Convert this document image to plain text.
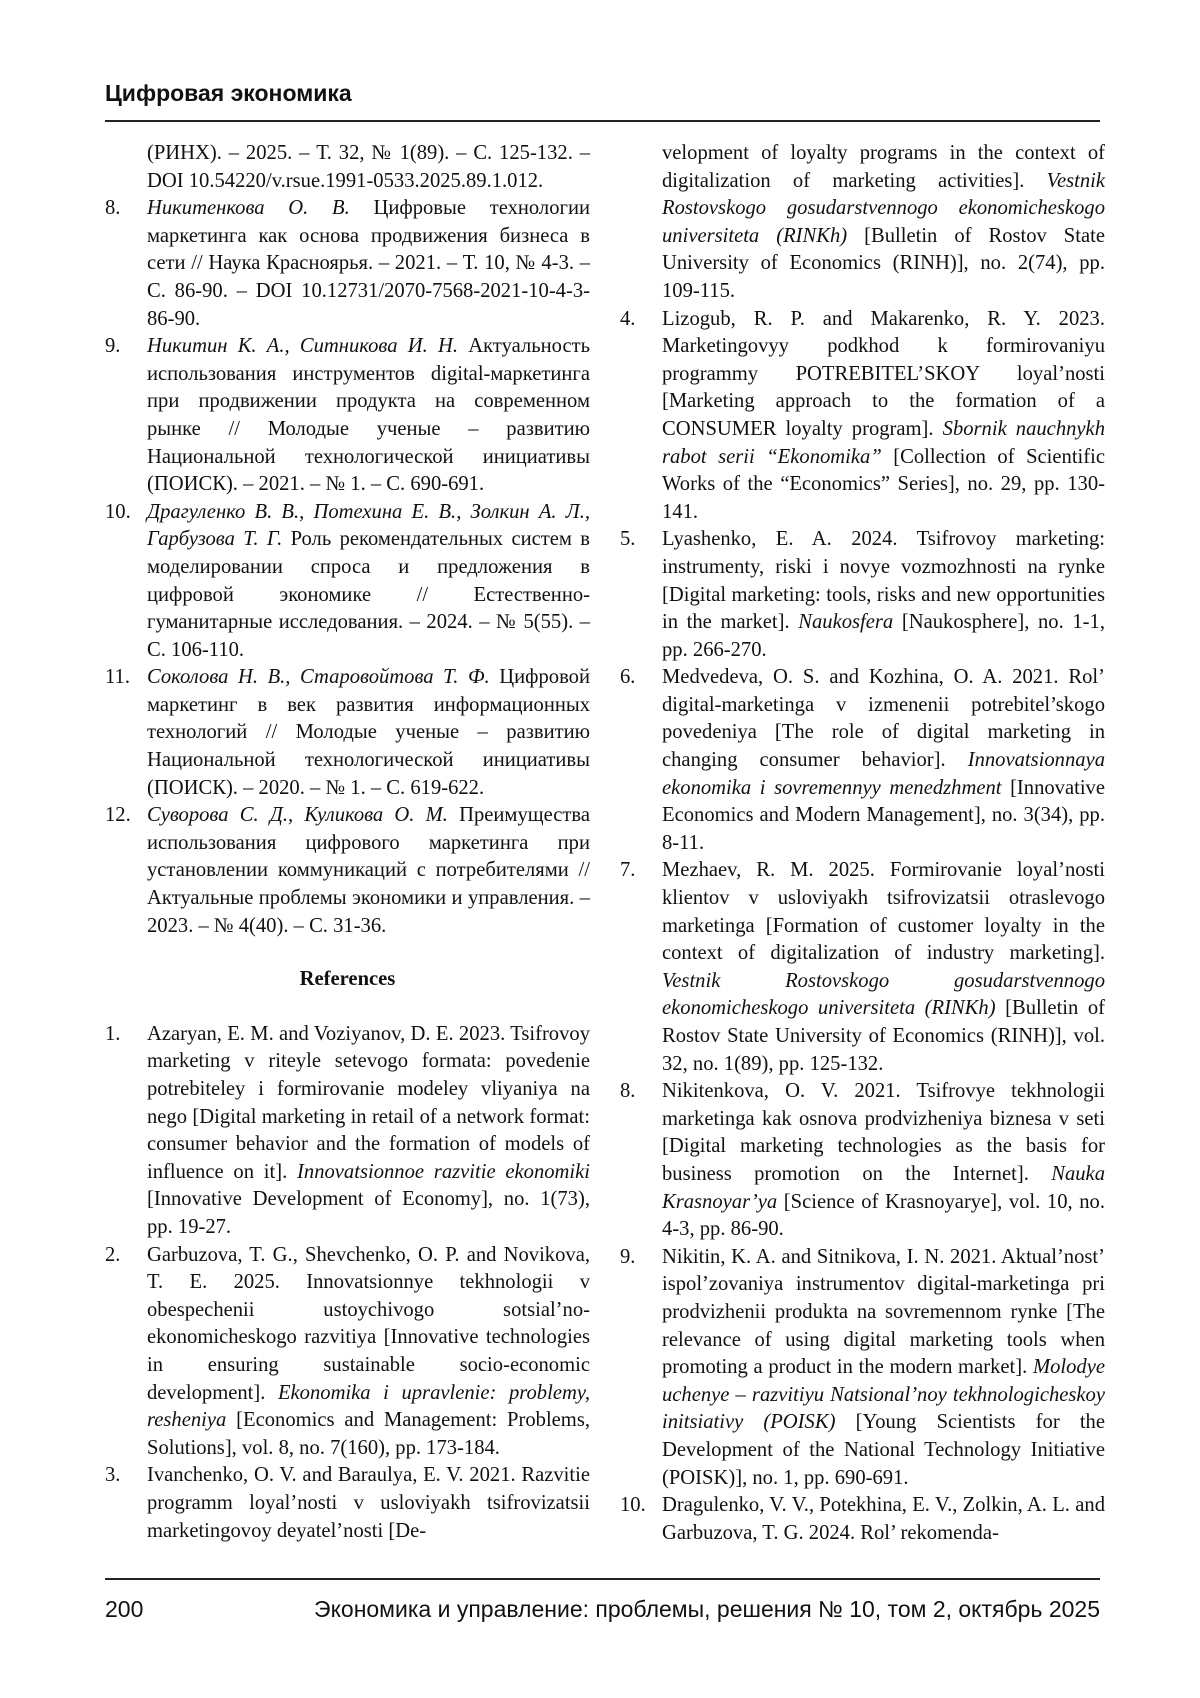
Цифровая экономика
(РИНХ). – 2025. – Т. 32, № 1(89). – С. 125-132. – DOI 10.54220/v.rsue.1991-0533.2025.89.1.012.
8.	Никитенкова О. В. Цифровые технологии маркетинга как основа продвижения бизнеса в сети // Наука Красноярья. – 2021. – Т. 10, № 4-3. – С. 86-90. – DOI 10.12731/2070-7568-2021-10-4-3-86-90.
9.	Никитин К. А., Ситникова И. Н. Актуальность использования инструментов digital-маркетинга при продвижении продукта на современном рынке // Молодые ученые – развитию Национальной технологической инициативы (ПОИСК). – 2021. – № 1. – С. 690-691.
10. Драгуленко В. В., Потехина Е. В., Золкин А. Л., Гарбузова Т. Г. Роль рекомендательных систем в моделировании спроса и предложения в цифровой экономике // Естественно-гуманитарные исследования. – 2024. – № 5(55). – С. 106-110.
11. Соколова Н. В., Старовойтова Т. Ф. Цифровой маркетинг в век развития информационных технологий // Молодые ученые – развитию Национальной технологической инициативы (ПОИСК). – 2020. – № 1. – С. 619-622.
12. Суворова С. Д., Куликова О. М. Преимущества использования цифрового маркетинга при установлении коммуникаций с потребителями // Актуальные проблемы экономики и управления. – 2023. – № 4(40). – С. 31-36.
References
1.	Azaryan, E. M. and Voziyanov, D. E. 2023. Tsifrovoy marketing v riteyle setevogo formata: povedenie potrebiteley i formirovanie modeley vliyaniya na nego [Digital marketing in retail of a network format: consumer behavior and the formation of models of influence on it]. Innovatsionnoe razvitie ekonomiki [Innovative Development of Economy], no. 1(73), pp. 19-27.
2.	Garbuzova, T. G., Shevchenko, O. P. and Novikova, T. E. 2025. Innovatsionnye tekhnologii v obespechenii ustoychivogo sotsial’no-ekonomicheskogo razvitiya [Innovative technologies in ensuring sustainable socio-economic development]. Ekonomika i upravlenie: problemy, resheniya [Economics and Management: Problems, Solutions], vol. 8, no. 7(160), pp. 173-184.
3.	Ivanchenko, O. V. and Baraulya, E. V. 2021. Razvitie programm loyal’nosti v usloviyakh tsifrovizatsii marketingovoy deyatel’nosti [De-
velopment of loyalty programs in the context of digitalization of marketing activities]. Vestnik Rostovskogo gosudarstvennogo ekonomicheskogo universiteta (RINKh) [Bulletin of Rostov State University of Economics (RINH)], no. 2(74), pp. 109-115.
4.	Lizogub, R. P. and Makarenko, R. Y. 2023. Marketingovyy podkhod k formirovaniyu programmy POTREBITEL’SKOY loyal’nosti [Marketing approach to the formation of a CONSUMER loyalty program]. Sbornik nauchnykh rabot serii “Ekonomika” [Collection of Scientific Works of the “Economics” Series], no. 29, pp. 130-141.
5.	Lyashenko, E. A. 2024. Tsifrovoy marketing: instrumenty, riski i novye vozmozhnosti na rynke [Digital marketing: tools, risks and new opportunities in the market]. Naukosfera [Naukosphere], no. 1-1, pp. 266-270.
6.	Medvedeva, O. S. and Kozhina, O. A. 2021. Rol’ digital-marketinga v izmenenii potrebitel’skogo povedeniya [The role of digital marketing in changing consumer behavior]. Innovatsionnaya ekonomika i sovremennyy menedzhment [Innovative Economics and Modern Management], no. 3(34), pp. 8-11.
7.	Mezhaev, R. M. 2025. Formirovanie loyal’nosti klientov v usloviyakh tsifrovizatsii otraslevogo marketinga [Formation of customer loyalty in the context of digitalization of industry marketing]. Vestnik Rostovskogo gosudarstvennogo ekonomicheskogo universiteta (RINKh) [Bulletin of Rostov State University of Economics (RINH)], vol. 32, no. 1(89), pp. 125-132.
8.	Nikitenkova, O. V. 2021. Tsifrovye tekhnologii marketinga kak osnova prodvizheniya biznesa v seti [Digital marketing technologies as the basis for business promotion on the Internet]. Nauka Krasnoyar’ya [Science of Krasnoyarye], vol. 10, no. 4-3, pp. 86-90.
9.	Nikitin, K. A. and Sitnikova, I. N. 2021. Aktual’nost’ ispol’zovaniya instrumentov digital-marketinga pri prodvizhenii produkta na sovremennom rynke [The relevance of using digital marketing tools when promoting a product in the modern market]. Molodye uchenye – razvitiyu Natsional’noy tekhnologicheskoy initsiativy (POISK) [Young Scientists for the Development of the National Technology Initiative (POISK)], no. 1, pp. 690-691.
10. Dragulenko, V. V., Potekhina, E. V., Zolkin, A. L. and Garbuzova, T. G. 2024. Rol’ rekomenda-
200	Экономика и управление: проблемы, решения № 10, том 2, октябрь 2025
